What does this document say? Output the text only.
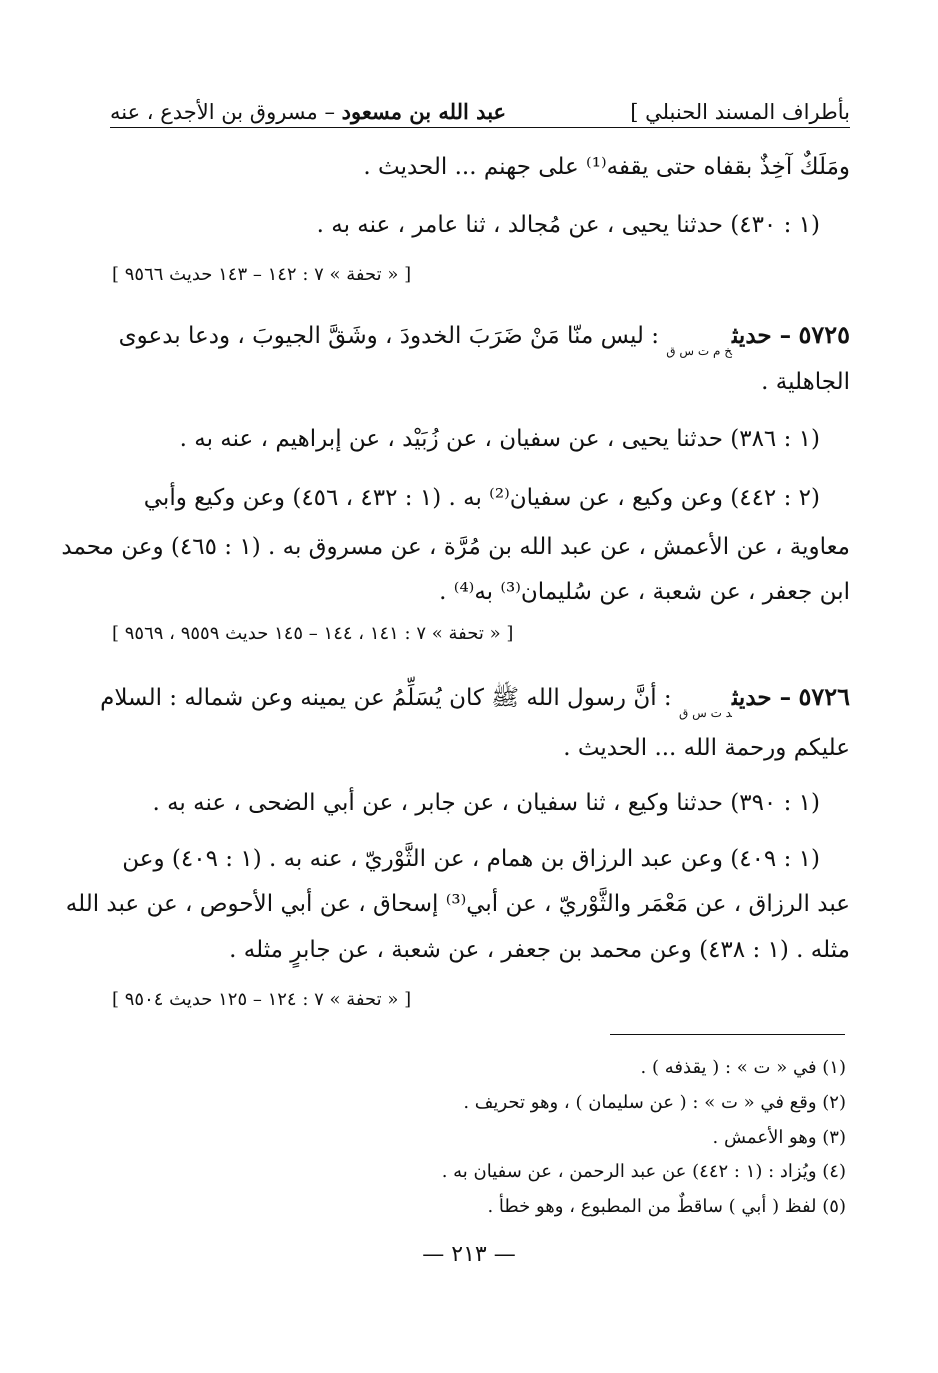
بأطراف المسند الحنبلي ]
عبد الله بن مسعود – مسروق بن الأجدع ، عنه
ومَلَكٌ آخِذٌ بقفاه حتى يقفه⁽¹⁾ على جهنم ... الحديث .
(١ : ٤٣٠) حدثنا يحيى ، عن مُجالد ، ثنا عامر ، عنه به .
[ « تحفة » ٧ : ١٤٢ – ١٤٣ حديث ٩٥٦٦ ]
٥٧٢٥ – حديث$_{خ م ت س ق}$ : ليس منّا مَنْ ضَرَبَ الخدودَ ، وشَقَّ الجيوبَ ، ودعا بدعوى
الجاهلية .
(١ : ٣٨٦) حدثنا يحيى ، عن سفيان ، عن زُبَيْد ، عن إبراهيم ، عنه به .
(٢ : ٤٤٢) وعن وكيع ، عن سفيان⁽²⁾ به . (١ : ٤٣٢ ، ٤٥٦) وعن وكيع وأبي
معاوية ، عن الأعمش ، عن عبد الله بن مُرَّة ، عن مسروق به . (١ : ٤٦٥) وعن محمد
ابن جعفر ، عن شعبة ، عن سُليمان⁽³⁾ به⁽⁴⁾ .
[ « تحفة » ٧ : ١٤١ ، ١٤٤ – ١٤٥ حديث ٩٥٥٩ ، ٩٥٦٩ ]
٥٧٢٦ – حديث$_{د ت س ق}$ : أنَّ رسول الله ﷺ كان يُسَلِّمُ عن يمينه وعن شماله : السلام
عليكم ورحمة الله ... الحديث .
(١ : ٣٩٠) حدثنا وكيع ، ثنا سفيان ، عن جابر ، عن أبي الضحى ، عنه به .
(١ : ٤٠٩) وعن عبد الرزاق بن همام ، عن الثَّوْريّ ، عنه به . (١ : ٤٠٩) وعن
عبد الرزاق ، عن مَعْمَر والثَّوْريّ ، عن أبي⁽³⁾ إسحاق ، عن أبي الأحوص ، عن عبد الله
مثله . (١ : ٤٣٨) وعن محمد بن جعفر ، عن شعبة ، عن جابرٍ مثله .
[ « تحفة » ٧ : ١٢٤ – ١٢٥ حديث ٩٥٠٤ ]
(١) في « ت » : ( يقذفه ) .
(٢) وقع في « ت » : ( عن سليمان ) ، وهو تحريف .
(٣) وهو الأعمش .
(٤) ويُزاد : (١ : ٤٤٢) عن عبد الرحمن ، عن سفيان به .
(٥) لفظ ( أبي ) ساقطٌ من المطبوع ، وهو خطأ .
— ٢١٣ —
